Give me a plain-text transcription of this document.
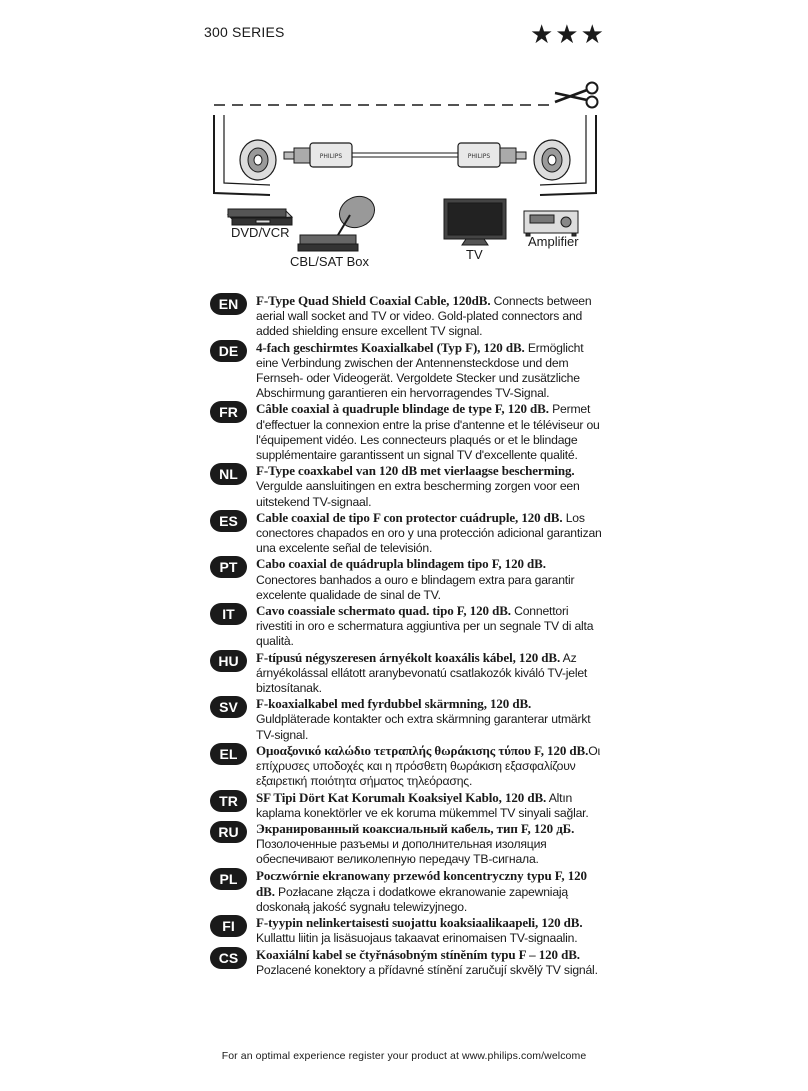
300 SERIES	★★★
PHILIPS	PHILIPS
DVD/VCR
CBL/SAT Box	TV
Amplifier
EN	F-Type Quad Shield Coaxial Cable, 120dB. Connects between aerial wall socket and TV or video. Gold-plated connectors and added shielding ensure excellent TV signal.
DE	4-fach geschirmtes Koaxialkabel (Typ F), 120 dB. Ermöglicht eine Verbindung zwischen der Antennensteckdose und dem Fernseh- oder Videogerät. Vergoldete Stecker und zusätzliche Abschirmung garantieren ein hervorragendes TV-Signal.
FR	Câble coaxial à quadruple blindage de type F, 120 dB. Permet d'effectuer la connexion entre la prise d'antenne et le téléviseur ou l'équipement vidéo. Les connecteurs plaqués or et le blindage supplémentaire garantissent un signal TV d'excellente qualité.
NL	F-Type coaxkabel van 120 dB met vierlaagse bescherming. Vergulde aansluitingen en extra bescherming zorgen voor een uitstekend TV-signaal.
ES	Cable coaxial de tipo F con protector cuádruple, 120 dB. Los conectores chapados en oro y una protección adicional garantizan una excelente señal de televisión.
PT	Cabo coaxial de quádrupla blindagem tipo F, 120 dB. Conectores banhados a ouro e blindagem extra para garantir excelente qualidade de sinal de TV.
IT	Cavo coassiale schermato quad. tipo F, 120 dB. Connettori rivestiti in oro e schermatura aggiuntiva per un segnale TV di alta qualità.
HU	F-típusú négyszeresen árnyékolt koaxális kábel, 120 dB. Az árnyékolással ellátott aranybevonatú csatlakozók kiváló TV-jelet biztosítanak.
SV	F-koaxialkabel med fyrdubbel skärmning, 120 dB. Guldpläterade kontakter och extra skärmning garanterar utmärkt TV-signal.
EL	Ομοαξονικό καλώδιο τετραπλής θωράκισης τύπου F, 120 dB.Οι επίχρυσες υποδοχές και η πρόσθετη θωράκιση εξασφαλίζουν εξαιρετική ποιότητα σήματος τηλεόρασης.
TR	SF Tipi Dört Kat Korumalı Koaksiyel Kablo, 120 dB. Altın kaplama konektörler ve ek koruma mükemmel TV sinyali sağlar.
RU	Экранированный коаксиальный кабель, тип F, 120 дБ. Позолоченные разъемы и дополнительная изоляция обеспечивают великолепную передачу ТВ-сигнала.
PL	Poczwórnie ekranowany przewód koncentryczny typu F, 120 dB. Pozłacane złącza i dodatkowe ekranowanie zapewniają doskonałą jakość sygnału telewizyjnego.
FI	F-tyypin nelinkertaisesti suojattu koaksiaalikaapeli, 120 dB. Kullattu liitin ja lisäsuojaus takaavat erinomaisen TV-signaalin.
CS	Koaxiální kabel se čtyřnásobným stíněním typu F – 120 dB. Pozlacené konektory a přídavné stínění zaručují skvělý TV signál.
For an optimal experience register your product at www.philips.com/welcome
